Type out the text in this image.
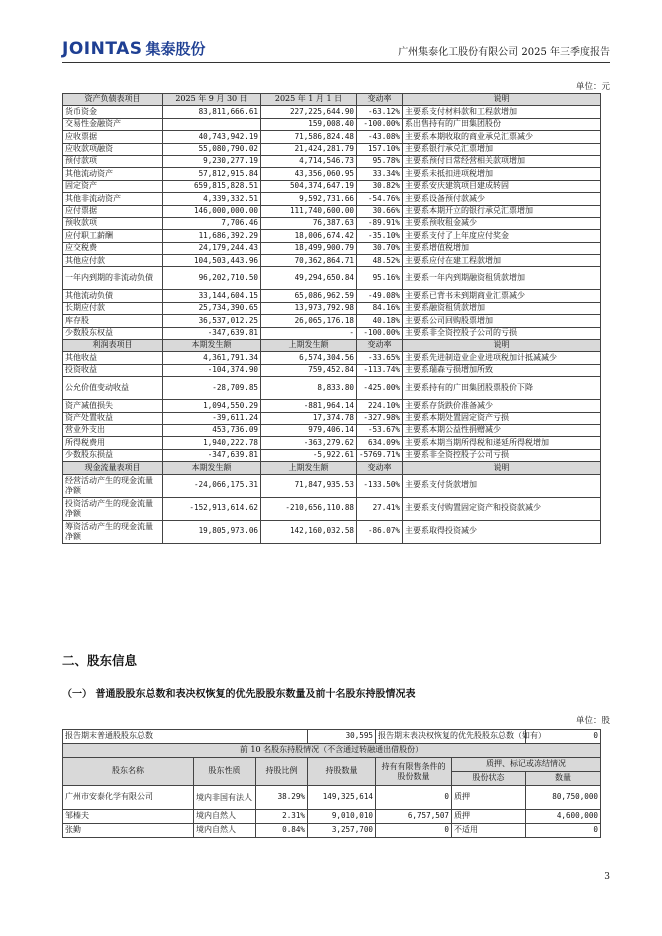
JOINTAS 集泰股份	广州集泰化工股份有限公司 2025 年三季度报告
单位：元
资产负债表项目	2025 年 9 月 30 日	2025 年 1 月 1 日	变动率	说明
货币资金	83,811,666.61	227,225,644.90	-63.12%	主要系支付材料款和工程款增加
交易性金融资产		159,008.40	-100.00%	系出售持有的广田集团股份
应收票据	40,743,942.19	71,586,824.48	-43.08%	主要系本期收取的商业承兑汇票减少
应收款项融资	55,080,790.02	21,424,281.79	157.10%	主要系银行承兑汇票增加
预付款项	9,230,277.19	4,714,546.73	95.78%	主要系预付日常经营相关款项增加
其他流动资产	57,812,915.84	43,356,060.95	33.34%	主要系未抵扣进项税增加
固定资产	659,815,828.51	504,374,647.19	30.82%	主要系安庆建筑项目建成转固
其他非流动资产	4,339,332.51	9,592,731.66	-54.76%	主要系设备预付款减少
应付票据	146,000,000.00	111,740,600.00	30.66%	主要系本期开立的银行承兑汇票增加
预收款项	7,706.46	76,387.63	-89.91%	主要系预收租金减少
应付职工薪酬	11,686,392.29	18,006,674.42	-35.10%	主要系支付了上年度应付奖金
应交税费	24,179,244.43	18,499,900.79	30.70%	主要系增值税增加
其他应付款	104,503,443.96	70,362,864.71	48.52%	主要系应付在建工程款增加
一年内到期的非流动负债	96,202,710.50	49,294,650.84	95.16%	主要系一年内到期融资租赁款增加
其他流动负债	33,144,604.15	65,086,962.59	-49.08%	主要系已背书未到期商业汇票减少
长期应付款	25,734,390.65	13,973,792.98	84.16%	主要系融资租赁款增加
库存股	36,537,012.25	26,065,176.18	40.18%	主要系公司回购股票增加
少数股东权益	-347,639.81	-	-100.00%	主要系非全资控股子公司的亏损
利润表项目	本期发生额	上期发生额	变动率	说明
其他收益	4,361,791.34	6,574,304.56	-33.65%	主要系先进制造业企业进项税加计抵减减少
投资收益	-104,374.90	759,452.84	-113.74%	主要系瑞森亏损增加所致
公允价值变动收益	-28,709.85	8,833.80	-425.00%	主要系持有的广田集团股票股价下降
资产减值损失	1,094,550.29	-881,964.14	224.10%	主要系存货跌价准备减少
资产处置收益	-39,611.24	17,374.78	-327.98%	主要系本期处置固定资产亏损
营业外支出	453,736.09	979,406.14	-53.67%	主要系本期公益性捐赠减少
所得税费用	1,940,222.78	-363,279.62	634.09%	主要系本期当期所得税和递延所得税增加
少数股东损益	-347,639.81	-5,922.61	-5769.71%	主要系非全资控股子公司亏损
现金流量表项目	本期发生额	上期发生额	变动率	说明
经营活动产生的现金流量净额	-24,066,175.31	71,847,935.53	-133.50%	主要系支付货款增加
投资活动产生的现金流量净额	-152,913,614.62	-210,656,110.88	27.41%	主要系支付购置固定资产和投资款减少
筹资活动产生的现金流量净额	19,805,973.06	142,160,032.58	-86.07%	主要系取得投资减少
二、股东信息
（一） 普通股股东总数和表决权恢复的优先股股东数量及前十名股东持股情况表
单位：股
报告期末普通股股东总数			30,595	报告期末表决权恢复的优先股股东总数（如有）		0
前 10 名股东持股情况（不含通过转融通出借股份）						
股东名称	股东性质	持股比例	持股数量	持有有限售条件的股份数量	质押、标记或冻结情况	
					股份状态	数量
广州市安泰化学有限公司	境内非国有法人	38.29%	149,325,614	0	质押	80,750,000
邹榛夫	境内自然人	2.31%	9,010,010	6,757,507	质押	4,600,000
张勤	境内自然人	0.84%	3,257,700	0	不适用	0
3
